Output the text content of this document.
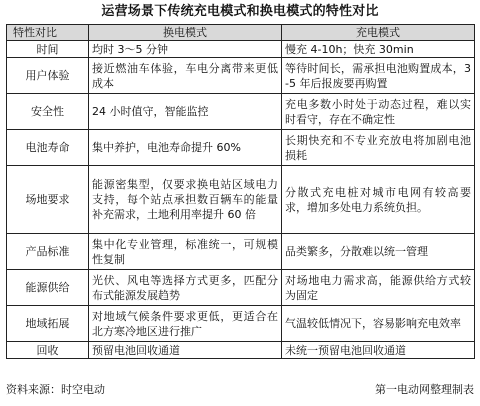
运营场景下传统充电模式和换电模式的特性对比
特性对比	换电模式	充电模式
时间	均时 3～5 分钟	慢充 4-10h；快充 30min
用户体验	接近燃油车体验，车电分离带来更低成本	等待时间长，需承担电池购置成本，3-5 年后报废要再购置
安全性	24 小时值守，智能监控	充电多数小时处于动态过程，难以实时看守，存在不确定性
电池寿命	集中养护，电池寿命提升 60%	长期快充和不专业充放电将加剧电池损耗
场地要求	能源密集型，仅要求换电站区域电力支持，每个站点承担数百辆车的能量补充需求，土地利用率提升 60 倍	分散式充电桩对城市电网有较高要求，增加多处电力系统负担。
产品标准	集中化专业管理，标准统一，可规模性复制	品类繁多，分散难以统一管理
能源供给	光伏、风电等选择方式更多，匹配分布式能源发展趋势	对场地电力需求高，能源供给方式较为固定
地域拓展	对地域气候条件要求更低，更适合在北方寒冷地区进行推广	气温较低情况下，容易影响充电效率
回收	预留电池回收通道	未统一预留电池回收通道
资料来源：时空电动	第一电动网整理制表
